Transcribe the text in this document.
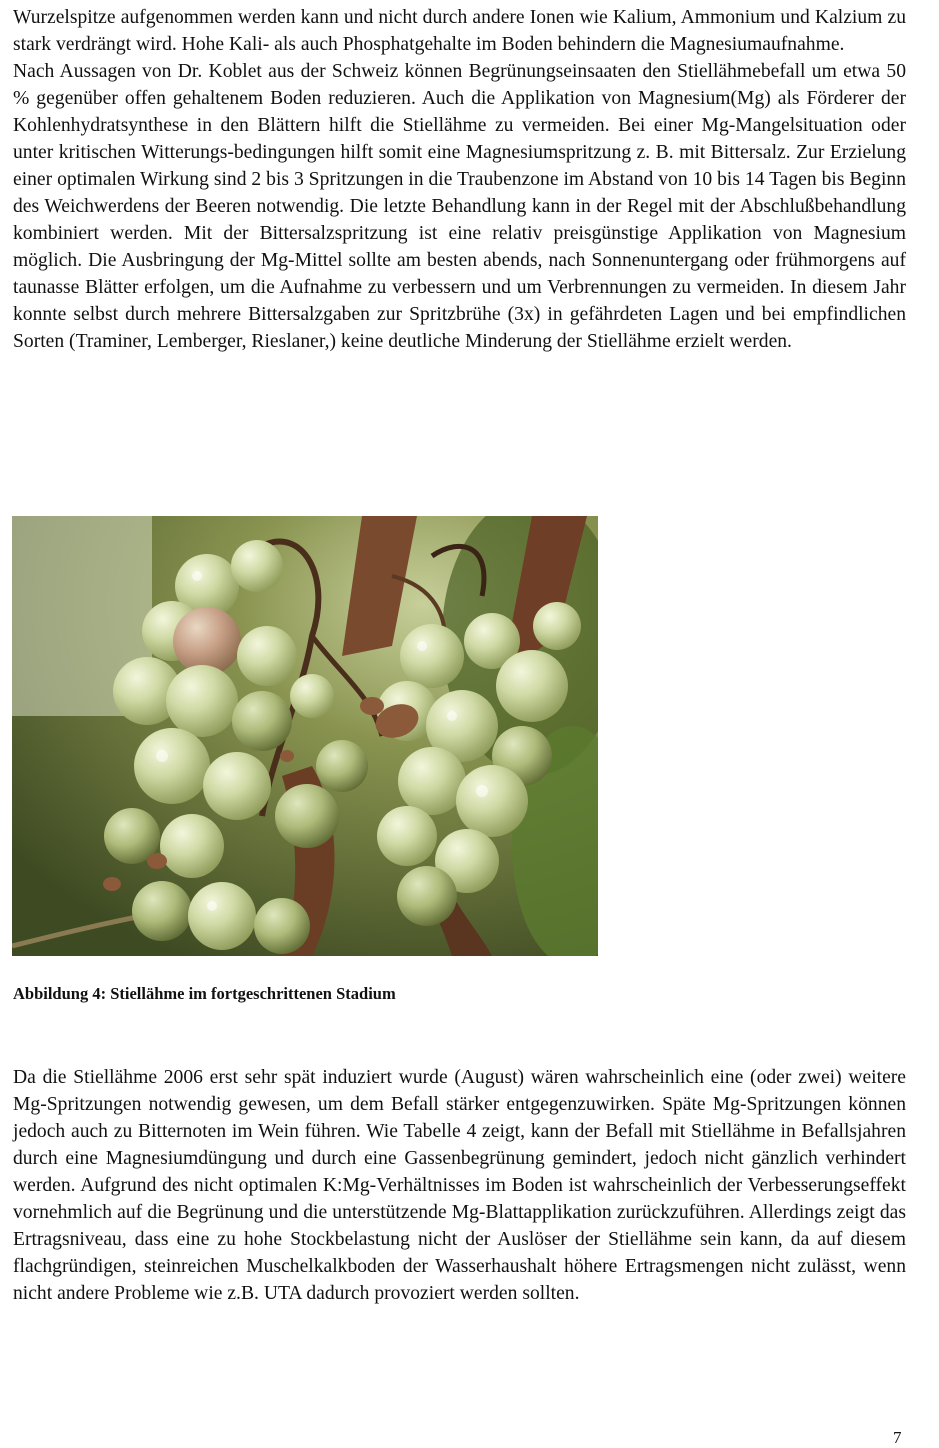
Wurzelspitze aufgenommen werden kann und nicht durch andere Ionen wie Kalium, Ammonium und Kalzium zu stark verdrängt wird. Hohe Kali- als auch Phosphatgehalte im Boden behindern die Magnesiumaufnahme.
Nach Aussagen von Dr. Koblet aus der Schweiz können Begrünungseinsaaten den Stiellähmebefall um etwa 50 % gegenüber offen gehaltenem Boden reduzieren. Auch die Applikation von Magnesium(Mg) als Förderer der Kohlenhydratsynthese in den Blättern hilft die Stiellähme zu vermeiden. Bei einer Mg-Mangelsituation oder unter kritischen Witterungs-bedingungen hilft somit eine Magnesiumspritzung z. B. mit Bittersalz. Zur Erzielung einer optimalen Wirkung sind 2 bis 3 Spritzungen in die Traubenzone im Abstand von 10 bis 14 Tagen bis Beginn des Weichwerdens der Beeren notwendig. Die letzte Behandlung kann in der Regel mit der Abschlußbehandlung kombiniert werden. Mit der Bittersalzspritzung ist eine relativ preisgünstige Applikation von Magnesium möglich. Die Ausbringung der Mg-Mittel sollte am besten abends, nach Sonnenuntergang oder frühmorgens auf taunasse Blätter erfolgen, um die Aufnahme zu verbessern und um Verbrennungen zu vermeiden. In diesem Jahr konnte selbst durch mehrere Bittersalzgaben zur Spritzbrühe (3x) in gefährdeten Lagen und bei empfindlichen Sorten (Traminer, Lemberger, Rieslaner,) keine deutliche Minderung der Stiellähme erzielt werden.

Abbildung 4: Stiellähme im fortgeschrittenen Stadium

Da die Stiellähme 2006 erst sehr spät induziert wurde (August) wären wahrscheinlich eine (oder zwei) weitere Mg-Spritzungen notwendig gewesen, um dem Befall stärker entgegenzuwirken. Späte Mg-Spritzungen können jedoch auch zu Bitternoten im Wein führen. Wie Tabelle 4 zeigt, kann der Befall mit Stiellähme in Befallsjahren durch eine Magnesiumdüngung und durch eine Gassenbegrünung gemindert, jedoch nicht gänzlich verhindert werden. Aufgrund des nicht optimalen K:Mg-Verhältnisses im Boden ist wahrscheinlich der Verbesserungseffekt vornehmlich auf die Begrünung und die unterstützende Mg-Blattapplikation zurückzuführen. Allerdings zeigt das Ertragsniveau, dass eine zu hohe Stockbelastung nicht der Auslöser der Stiellähme sein kann, da auf diesem flachgründigen, steinreichen Muschelkalkboden der Wasserhaushalt höhere Ertragsmengen nicht zulässt, wenn nicht andere Probleme wie z.B. UTA dadurch provoziert werden sollten.

7
